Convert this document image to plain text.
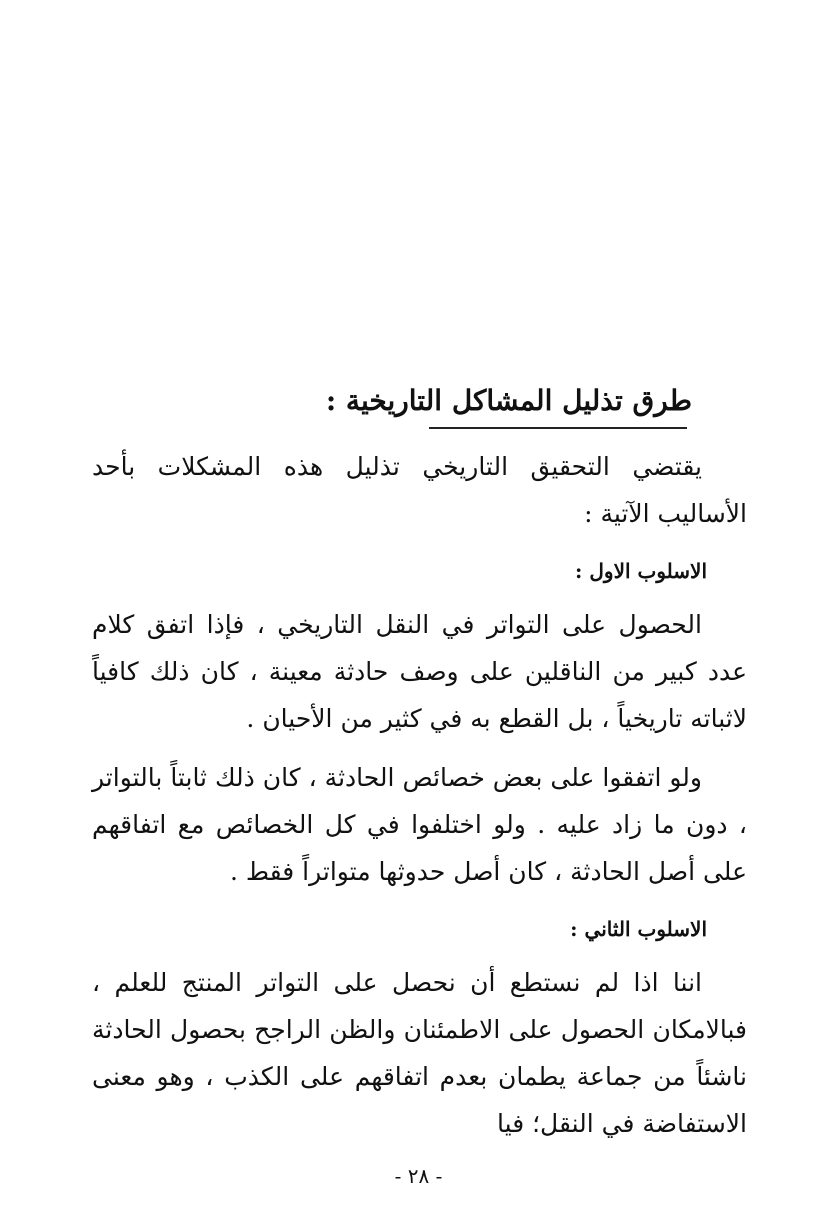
طرق تذليل المشاكل التاريخية :

يقتضي التحقيق التاريخي تذليل هذه المشكلات بأحد الأساليب الآتية :

الاسلوب الاول :

الحصول على التواتر في النقل التاريخي ، فإذا اتفق كلام عدد كبير من الناقلين على وصف حادثة معينة ، كان ذلك كافياً لاثباته تاريخياً ، بل القطع به في كثير من الأحيان .

ولو اتفقوا على بعض خصائص الحادثة ، كان ذلك ثابتاً بالتواتر ، دون ما زاد عليه . ولو اختلفوا في كل الخصائص مع اتفاقهم على أصل الحادثة ، كان أصل حدوثها متواتراً فقط .

الاسلوب الثاني :

اننا اذا لم نستطع أن نحصل على التواتر المنتج للعلم ، فبالامكان الحصول على الاطمئنان والظن الراجح بحصول الحادثة ناشئاً من جماعة يطمان بعدم اتفاقهم على الكذب ، وهو معنى الاستفاضة في النقل؛ فيا

- ٢٨ -
